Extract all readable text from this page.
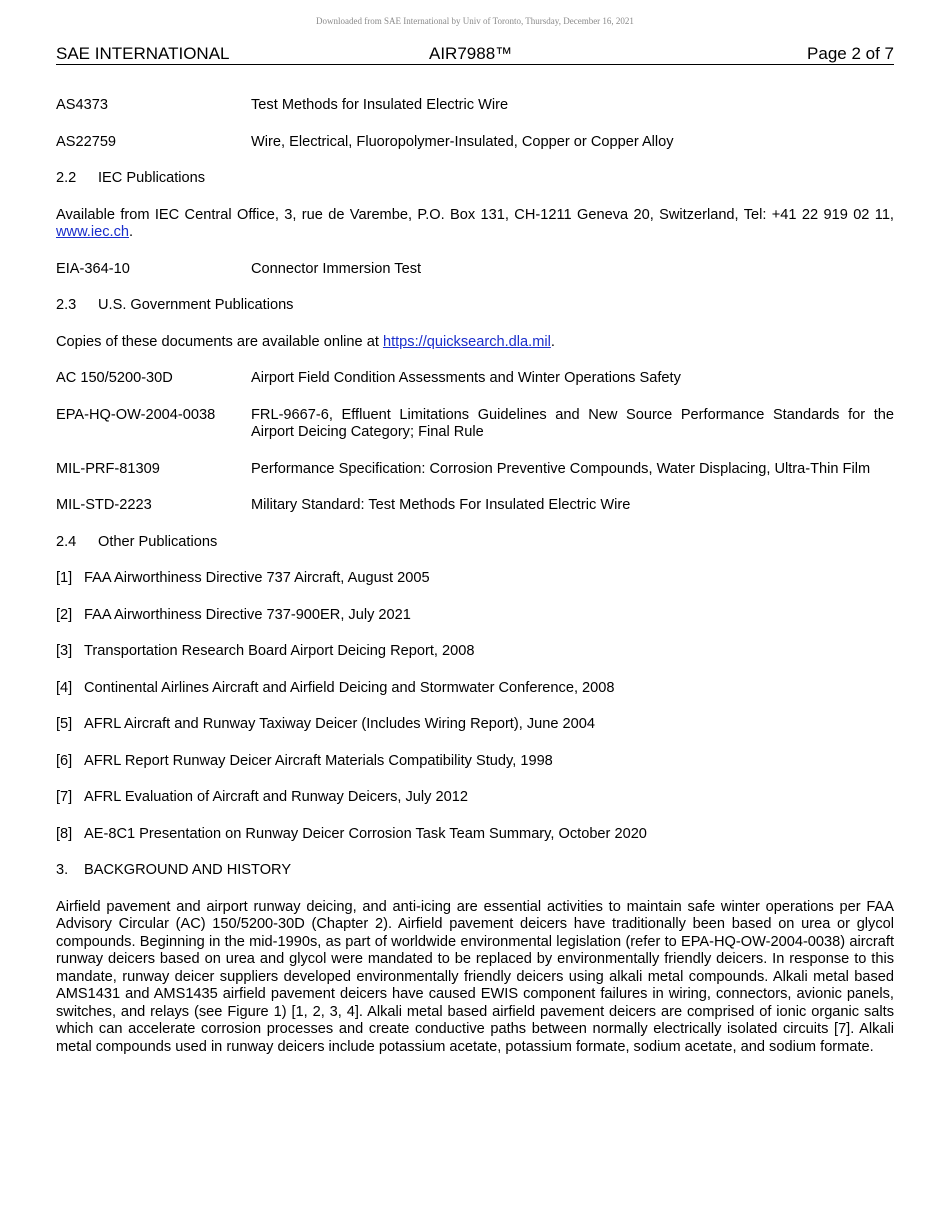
Downloaded from SAE International by Univ of Toronto, Thursday, December 16, 2021
SAE INTERNATIONAL	AIR7988™	Page 2 of 7
AS4373	Test Methods for Insulated Electric Wire
AS22759	Wire, Electrical, Fluoropolymer-Insulated, Copper or Copper Alloy
2.2 IEC Publications
Available from IEC Central Office, 3, rue de Varembe, P.O. Box 131, CH-1211 Geneva 20, Switzerland, Tel: +41 22 919 02 11, www.iec.ch.
EIA-364-10	Connector Immersion Test
2.3 U.S. Government Publications
Copies of these documents are available online at https://quicksearch.dla.mil.
AC 150/5200-30D	Airport Field Condition Assessments and Winter Operations Safety
EPA-HQ-OW-2004-0038	FRL-9667-6, Effluent Limitations Guidelines and New Source Performance Standards for the Airport Deicing Category; Final Rule
MIL-PRF-81309	Performance Specification: Corrosion Preventive Compounds, Water Displacing, Ultra-Thin Film
MIL-STD-2223	Military Standard: Test Methods For Insulated Electric Wire
2.4 Other Publications
[1] FAA Airworthiness Directive 737 Aircraft, August 2005
[2] FAA Airworthiness Directive 737-900ER, July 2021
[3] Transportation Research Board Airport Deicing Report, 2008
[4] Continental Airlines Aircraft and Airfield Deicing and Stormwater Conference, 2008
[5] AFRL Aircraft and Runway Taxiway Deicer (Includes Wiring Report), June 2004
[6] AFRL Report Runway Deicer Aircraft Materials Compatibility Study, 1998
[7] AFRL Evaluation of Aircraft and Runway Deicers, July 2012
[8] AE-8C1 Presentation on Runway Deicer Corrosion Task Team Summary, October 2020
3. BACKGROUND AND HISTORY
Airfield pavement and airport runway deicing, and anti-icing are essential activities to maintain safe winter operations per FAA Advisory Circular (AC) 150/5200-30D (Chapter 2). Airfield pavement deicers have traditionally been based on urea or glycol compounds. Beginning in the mid-1990s, as part of worldwide environmental legislation (refer to EPA-HQ-OW-2004-0038) aircraft runway deicers based on urea and glycol were mandated to be replaced by environmentally friendly deicers. In response to this mandate, runway deicer suppliers developed environmentally friendly deicers using alkali metal compounds. Alkali metal based AMS1431 and AMS1435 airfield pavement deicers have caused EWIS component failures in wiring, connectors, avionic panels, switches, and relays (see Figure 1) [1, 2, 3, 4]. Alkali metal based airfield pavement deicers are comprised of ionic organic salts which can accelerate corrosion processes and create conductive paths between normally electrically isolated circuits [7]. Alkali metal compounds used in runway deicers include potassium acetate, potassium formate, sodium acetate, and sodium formate.
